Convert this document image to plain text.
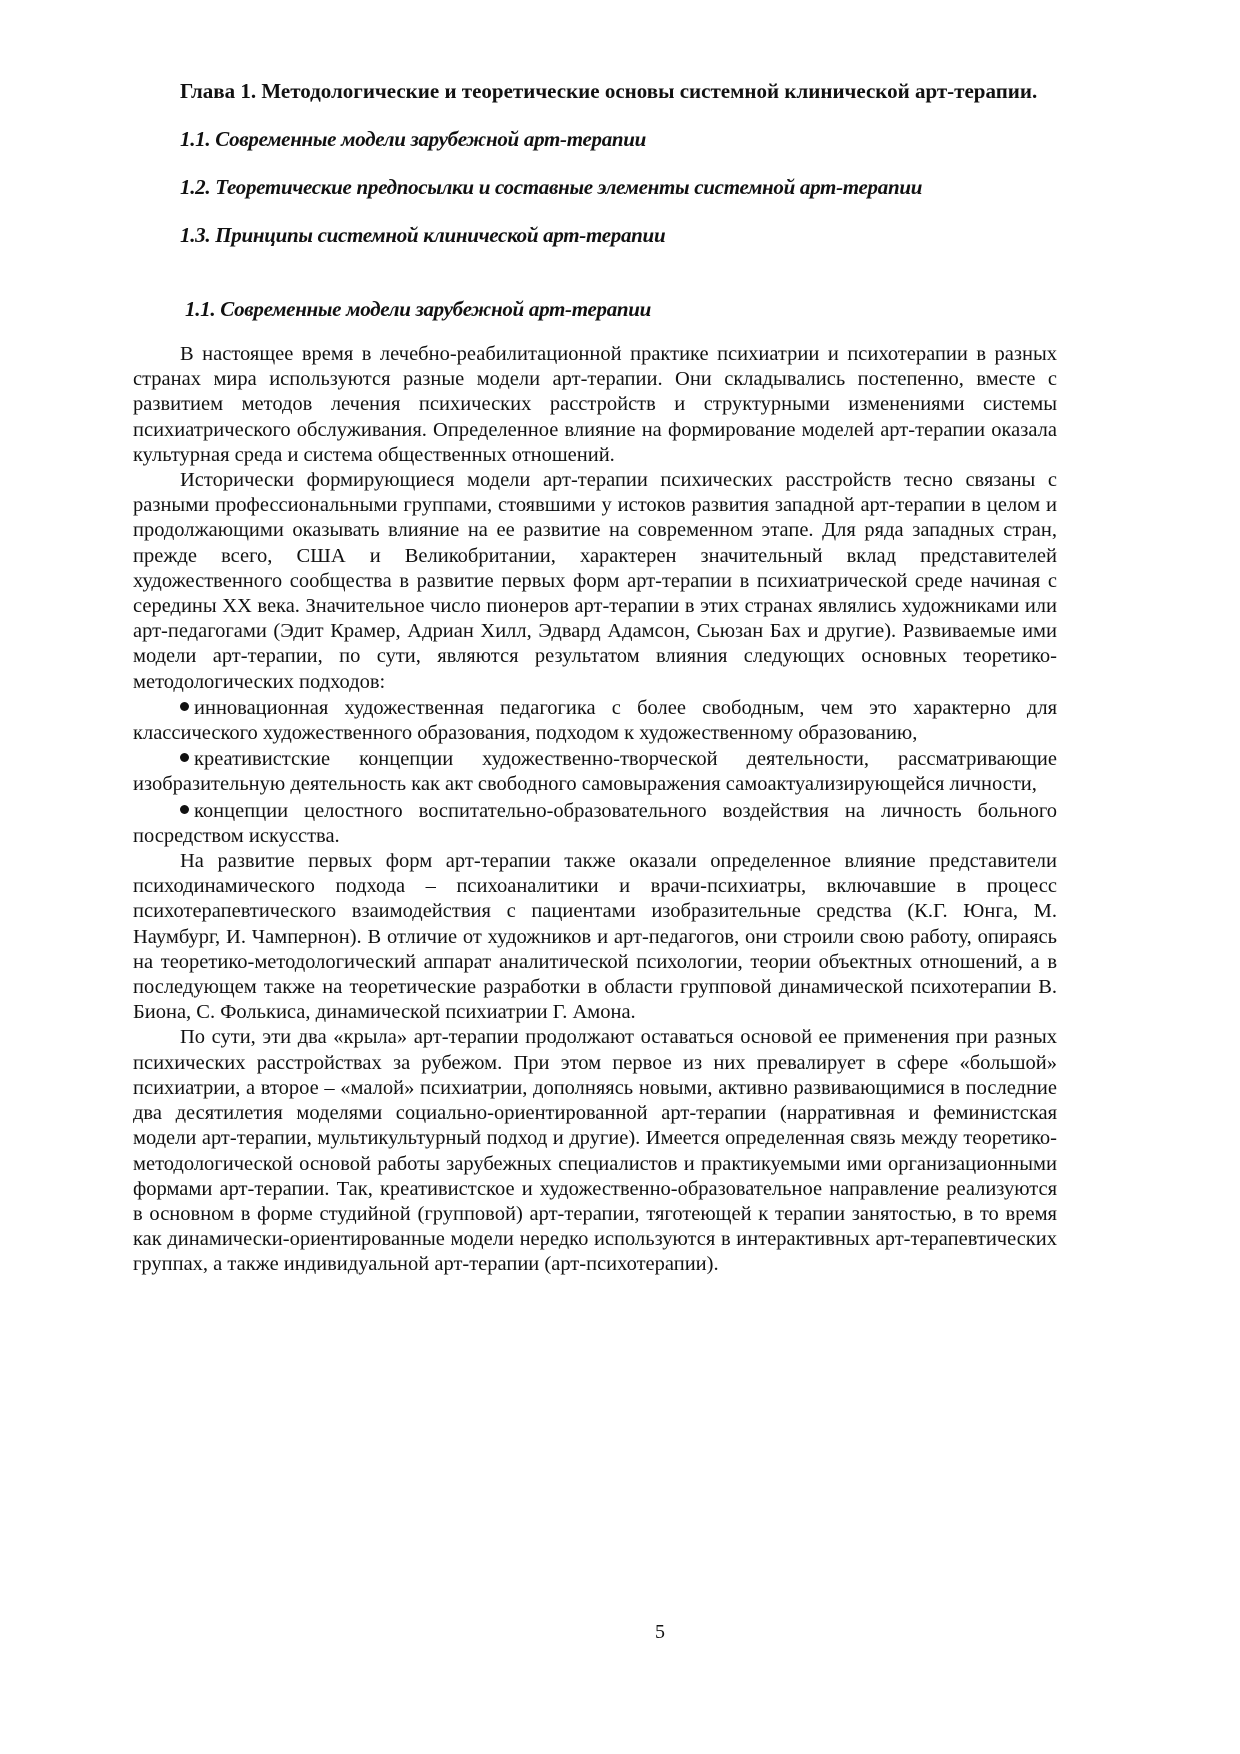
Глава 1. Методологические и теоретические основы системной клинической арт-терапии.
1.1. Современные модели зарубежной арт-терапии
1.2. Теоретические предпосылки и составные элементы системной арт-терапии
1.3. Принципы системной клинической арт-терапии
1.1. Современные модели зарубежной арт-терапии

В настоящее время в лечебно-реабилитационной практике психиатрии и психотерапии в разных странах мира используются разные модели арт-терапии. Они складывались постепенно, вместе с развитием методов лечения психических расстройств и структурными изменениями системы психиатрического обслуживания. Определенное влияние на формирование моделей арт-терапии оказала культурная среда и система общественных отношений.

Исторически формирующиеся модели арт-терапии психических расстройств тесно связаны с разными профессиональными группами, стоявшими у истоков развития западной арт-терапии в целом и продолжающими оказывать влияние на ее развитие на современном этапе. Для ряда западных стран, прежде всего, США и Великобритании, характерен значительный вклад представителей художественного сообщества в развитие первых форм арт-терапии в психиатрической среде начиная с середины XX века. Значительное число пионеров арт-терапии в этих странах являлись художниками или арт-педагогами (Эдит Крамер, Адриан Хилл, Эдвард Адамсон, Сьюзан Бах и другие). Развиваемые ими модели арт-терапии, по сути, являются результатом влияния следующих основных теоретико-методологических подходов:

инновационная художественная педагогика с более свободным, чем это характерно для классического художественного образования, подходом к художественному образованию,

креативистские концепции художественно-творческой деятельности, рассматривающие изобразительную деятельность как акт свободного самовыражения самоактуализирующейся личности,

концепции целостного воспитательно-образовательного воздействия на личность больного посредством искусства.

На развитие первых форм арт-терапии также оказали определенное влияние представители психодинамического подхода – психоаналитики и врачи-психиатры, включавшие в процесс психотерапевтического взаимодействия с пациентами изобразительные средства (К.Г. Юнга, М. Наумбург, И. Чампернон). В отличие от художников и арт-педагогов, они строили свою работу, опираясь на теоретико-методологический аппарат аналитической психологии, теории объектных отношений, а в последующем также на теоретические разработки в области групповой динамической психотерапии В. Биона, С. Фолькиса, динамической психиатрии Г. Амона.

По сути, эти два «крыла» арт-терапии продолжают оставаться основой ее применения при разных психических расстройствах за рубежом. При этом первое из них превалирует в сфере «большой» психиатрии, а второе – «малой» психиатрии, дополняясь новыми, активно развивающимися в последние два десятилетия моделями социально-ориентированной арт-терапии (нарративная и феминистская модели арт-терапии, мультикультурный подход и другие). Имеется определенная связь между теоретико-методологической основой работы зарубежных специалистов и практикуемыми ими организационными формами арт-терапии. Так, креативистское и художественно-образовательное направление реализуются в основном в форме студийной (групповой) арт-терапии, тяготеющей к терапии занятостью, в то время как динамически-ориентированные модели нередко используются в интерактивных арт-терапевтических группах, а также индивидуальной арт-терапии (арт-психотерапии).

5
